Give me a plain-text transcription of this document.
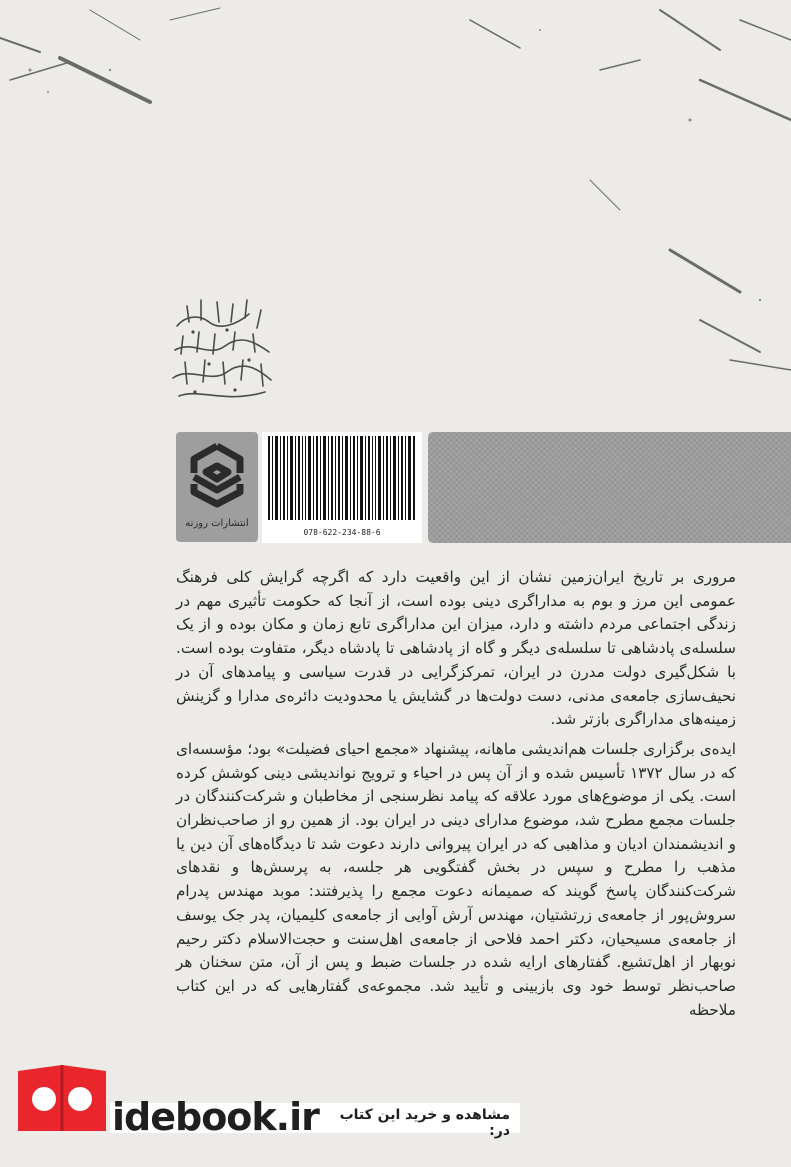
انتشارات روزنه
078-622-234-88-6

مروری بر تاریخ ایران‌زمین نشان از این واقعیت دارد که اگرچه گرایش کلی فرهنگ عمومی این مرز و بوم به مداراگری دینی بوده است، از آنجا که حکومت تأثیری مهم در زندگی اجتماعی مردم داشته و دارد، میزان این مداراگری تابع زمان و مکان بوده و از یک سلسله‌ی پادشاهی تا سلسله‌ی دیگر و گاه از پادشاهی تا پادشاه دیگر، متفاوت بوده است. با شکل‌گیری دولت مدرن در ایران، تمرکزگرایی در قدرت سیاسی و پیامدهای آن در نحیف‌سازی جامعه‌ی مدنی، دست دولت‌ها در گشایش یا محدودیت دائره‌ی مدارا و گزینش زمینه‌های مداراگری بازتر شد.

ایده‌ی برگزاری جلسات هم‌اندیشی ماهانه، پیشنهاد «مجمع احیای فضیلت» بود؛ مؤسسه‌ای که در سال ۱۳۷۲ تأسیس شده و از آن پس در احیاء و ترویج نواندیشی دینی کوشش کرده است. یکی از موضوع‌های مورد علاقه که پیامد نظرسنجی از مخاطبان و شرکت‌کنندگان در جلسات مجمع مطرح شد، موضوع مدارای دینی در ایران بود. از همین رو از صاحب‌نظران و اندیشمندان ادیان و مذاهبی که در ایران پیروانی دارند دعوت شد تا دیدگاه‌های آن دین یا مذهب را مطرح و سپس در بخش گفتگویی هر جلسه، به پرسش‌ها و نقدهای شرکت‌کنندگان پاسخ گویند که صمیمانه دعوت مجمع را پذیرفتند: موبد مهندس پدرام سروش‌پور از جامعه‌ی زرتشتیان، مهندس آرش آوایی از جامعه‌ی کلیمیان، پدر جک یوسف از جامعه‌ی مسیحیان، دکتر احمد فلاحی از جامعه‌ی اهل‌سنت و حجت‌الاسلام دکتر رحیم نوبهار از اهل‌تشیع. گفتارهای ارایه شده در جلسات ضبط و پس از آن، متن سخنان هر صاحب‌نظر توسط خود وی بازبینی و تأیید شد. مجموعه‌ی گفتارهایی که در این کتاب ملاحظه

idebook.ir	مشاهده و خرید این کتاب در:
